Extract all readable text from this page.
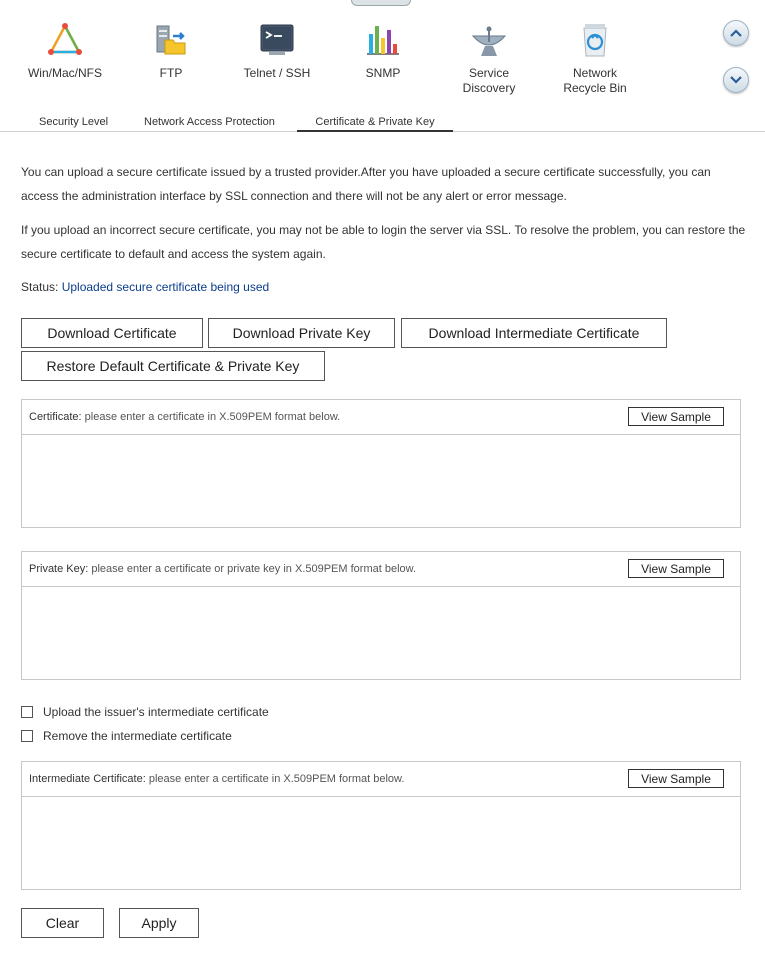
Win/Mac/NFS	FTP	Telnet / SSH	SNMP	Service
Discovery
Network
Recycle Bin
Security Level	Network Access Protection	Certificate & Private Key

You can upload a secure certificate issued by a trusted provider.After you have uploaded a secure certificate successfully, you can access the administration interface by SSL connection and there will not be any alert or error message.

If you upload an incorrect secure certificate, you may not be able to login the server via SSL. To resolve the problem, you can restore the secure certificate to default and access the system again.

Status: Uploaded secure certificate being used
Download Certificate	Download Private Key	Download Intermediate Certificate
Restore Default Certificate & Private Key
Certificate: please enter a certificate in X.509PEM format below.	View Sample
Private Key: please enter a certificate or private key in X.509PEM format below.	View Sample
Upload the issuer's intermediate certificate
Remove the intermediate certificate
Intermediate Certificate: please enter a certificate in X.509PEM format below.	View Sample
Clear	Apply
